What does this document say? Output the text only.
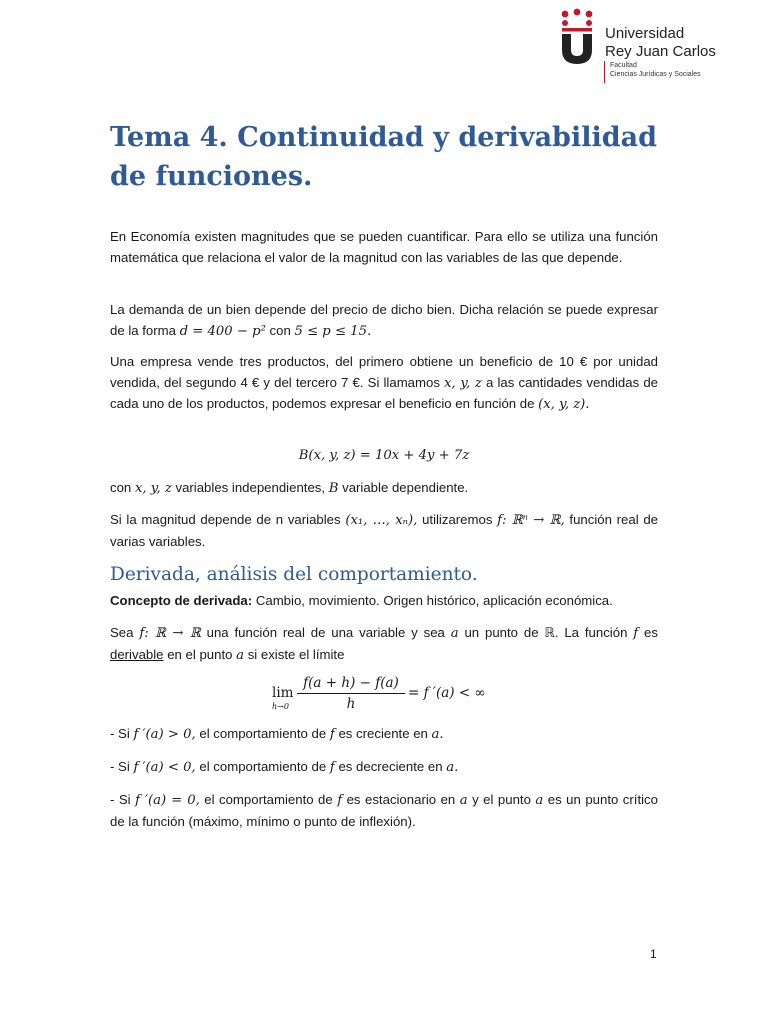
Universidad
Rey Juan Carlos
Facultad
Ciencias Jurídicas y Sociales
Tema 4. Continuidad y derivabilidad de funciones.

En Economía existen magnitudes que se pueden cuantificar. Para ello se utiliza una función matemática que relaciona el valor de la magnitud con las variables de las que depende.

La demanda de un bien depende del precio de dicho bien. Dicha relación se puede expresar de la forma d = 400 − p² con 5 ≤ p ≤ 15.

Una empresa vende tres productos, del primero obtiene un beneficio de 10 € por unidad vendida, del segundo 4 € y del tercero 7 €. Si llamamos x, y, z a las cantidades vendidas de cada uno de los productos, podemos expresar el beneficio en función de (x, y, z).

B(x, y, z) = 10x + 4y + 7z

con x, y, z variables independientes, B variable dependiente.

Si la magnitud depende de n variables (x₁, …, xₙ), utilizaremos f: ℝⁿ → ℝ, función real de varias variables.

Derivada, análisis del comportamiento.

Concepto de derivada: Cambio, movimiento. Origen histórico, aplicación económica.

Sea f: ℝ → ℝ una función real de una variable y sea a un punto de ℝ. La función f es derivable en el punto a si existe el límite

lim
h→0
f(a + h) − f(a)
h
= f ′(a) < ∞

- Si f ′(a) > 0, el comportamiento de f es creciente en a.

- Si f ′(a) < 0, el comportamiento de f es decreciente en a.

- Si f ′(a) = 0, el comportamiento de f es estacionario en a y el punto a es un punto crítico de la función (máximo, mínimo o punto de inflexión).

1
